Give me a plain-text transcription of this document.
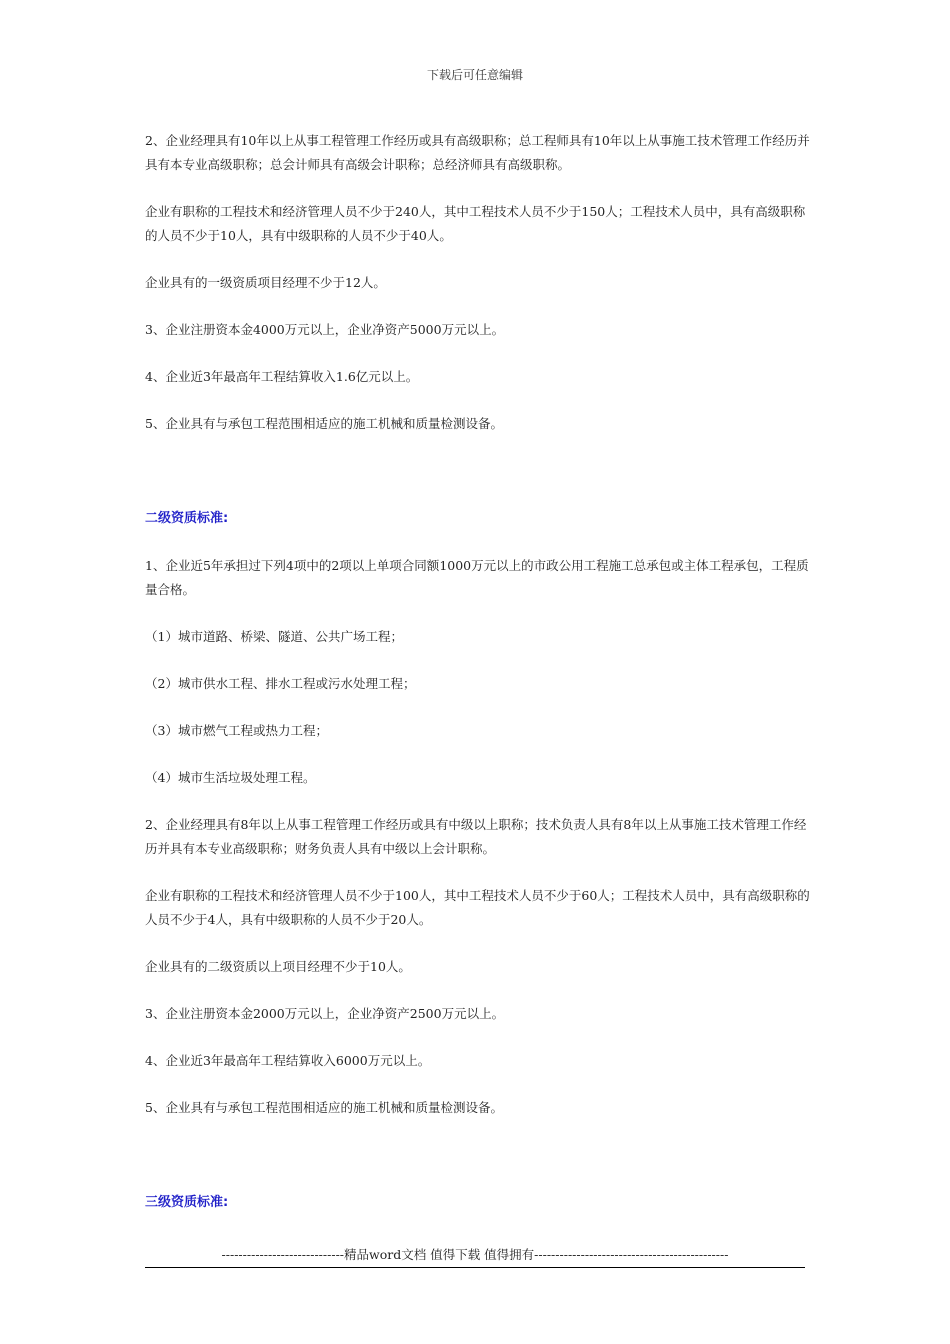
下载后可任意编辑

2、企业经理具有10年以上从事工程管理工作经历或具有高级职称；总工程师具有10年以上从事施工技术管理工作经历并具有本专业高级职称；总会计师具有高级会计职称；总经济师具有高级职称。

企业有职称的工程技术和经济管理人员不少于240人，其中工程技术人员不少于150人；工程技术人员中，具有高级职称的人员不少于10人，具有中级职称的人员不少于40人。

企业具有的一级资质项目经理不少于12人。

3、企业注册资本金4000万元以上，企业净资产5000万元以上。

4、企业近3年最高年工程结算收入1.6亿元以上。

5、企业具有与承包工程范围相适应的施工机械和质量检测设备。

二级资质标准:

1、企业近5年承担过下列4项中的2项以上单项合同额1000万元以上的市政公用工程施工总承包或主体工程承包，工程质量合格。

（1）城市道路、桥梁、隧道、公共广场工程；

（2）城市供水工程、排水工程或污水处理工程；

（3）城市燃气工程或热力工程；

（4）城市生活垃圾处理工程。

2、企业经理具有8年以上从事工程管理工作经历或具有中级以上职称；技术负责人具有8年以上从事施工技术管理工作经历并具有本专业高级职称；财务负责人具有中级以上会计职称。

企业有职称的工程技术和经济管理人员不少于100人，其中工程技术人员不少于60人；工程技术人员中，具有高级职称的人员不少于4人，具有中级职称的人员不少于20人。

企业具有的二级资质以上项目经理不少于10人。

3、企业注册资本金2000万元以上，企业净资产2500万元以上。

4、企业近3年最高年工程结算收入6000万元以上。

5、企业具有与承包工程范围相适应的施工机械和质量检测设备。

三级资质标准:

-----------------------------精品word文档 值得下载 值得拥有----------------------------------------------
